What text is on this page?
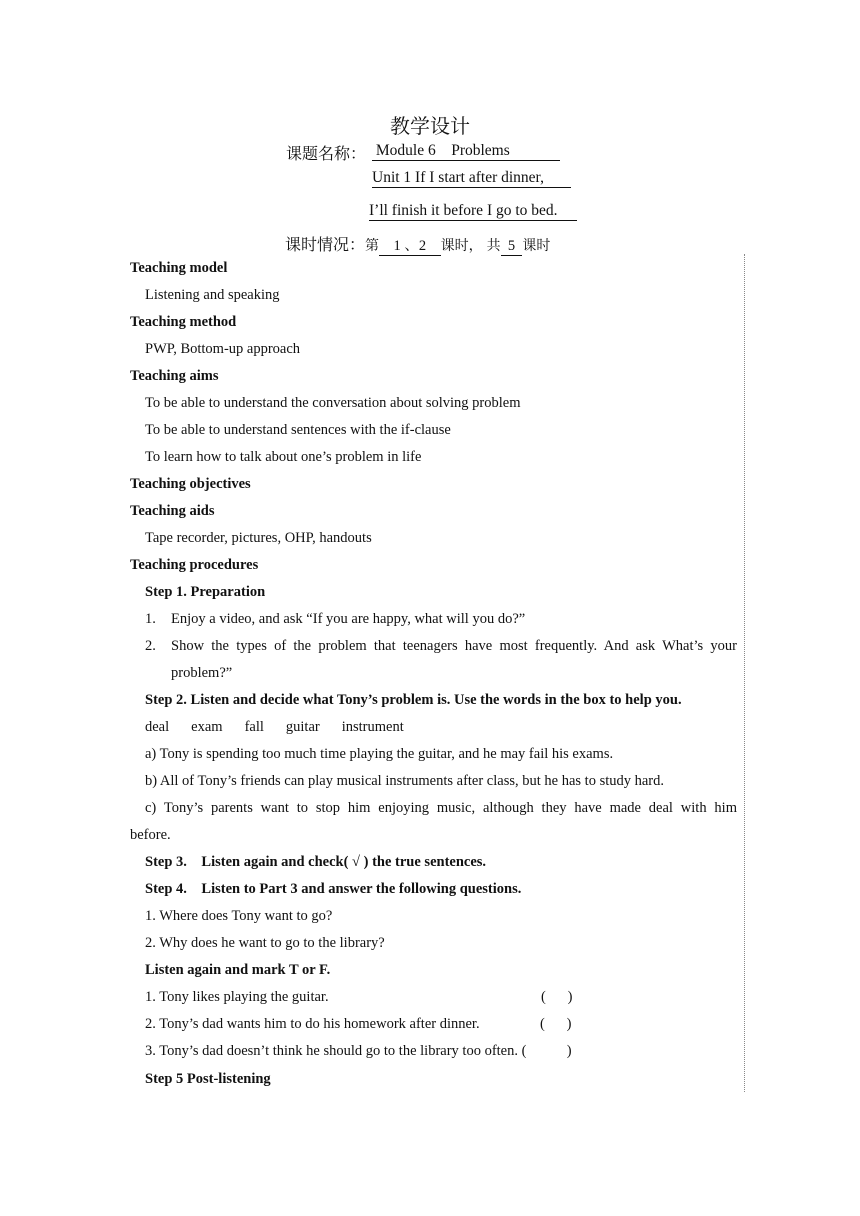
教学设计
课题名称： Module 6    Problems
Unit 1 If I start after dinner,
I’ll finish it before I go to bed.
课时情况：第    1 、2    课时， 共  5  课时
Teaching model
Listening and speaking
Teaching method
PWP, Bottom-up approach
Teaching aims
To be able to understand the conversation about solving problem
To be able to understand sentences with the if-clause
To learn how to talk about one’s problem in life
Teaching objectives
Teaching aids
Tape recorder, pictures, OHP, handouts
Teaching procedures
Step 1. Preparation
1. Enjoy a video, and ask “If you are happy, what will you do?”
2. Show the types of the problem that teenagers have most frequently. And ask What’s your
problem?”
Step 2. Listen and decide what Tony’s problem is. Use the words in the box to help you.
deal exam fall guitar instrument
a) Tony is spending too much time playing the guitar, and he may fail his exams.
b) All of Tony’s friends can play musical instruments after class, but he has to study hard.
c) Tony’s parents want to stop him enjoying music, although they have made deal with him
before.
Step 3.    Listen again and check( √ ) the true sentences.
Step 4.    Listen to Part 3 and answer the following questions.
1. Where does Tony want to go?
2. Why does he want to go to the library?
Listen again and mark T or F.
1. Tony likes playing the guitar.	(      )
2. Tony’s dad wants him to do his homework after dinner.	(      )
3. Tony’s dad doesn’t think he should go to the library too often. ( )
Step 5 Post-listening
